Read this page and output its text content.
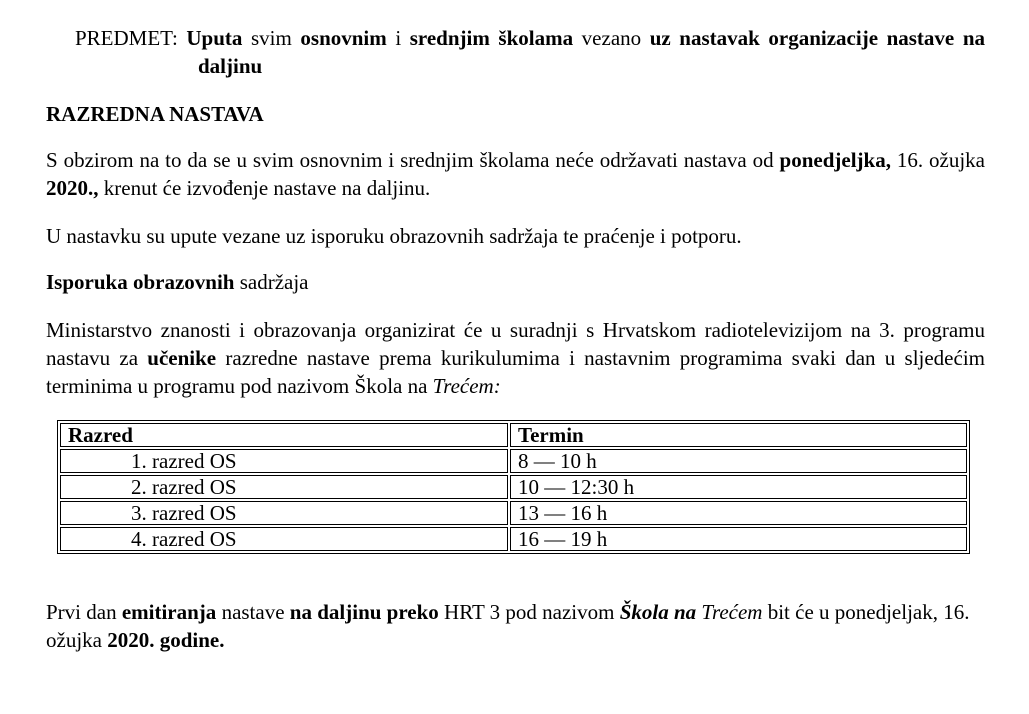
PREDMET: Uputa svim osnovnim i srednjim školama vezano uz nastavak organizacije nastave na daljinu

RAZREDNA NASTAVA

S obzirom na to da se u svim osnovnim i srednjim školama neće održavati nastava od ponedjeljka, 16. ožujka 2020., krenut će izvođenje nastave na daljinu.

U nastavku su upute vezane uz isporuku obrazovnih sadržaja te praćenje i potporu.

Isporuka obrazovnih sadržaja

Ministarstvo znanosti i obrazovanja organizirat će u suradnji s Hrvatskom radiotelevizijom na 3. programu nastavu za učenike razredne nastave prema kurikulumima i nastavnim programima svaki dan u sljedećim terminima u programu pod nazivom Škola na Trećem:

Razred	Termin
1. razred OS	8 — 10 h
2. razred OS	10 — 12:30 h
3. razred OS	13 — 16 h
4. razred OS	16 — 19 h

Prvi dan emitiranja nastave na daljinu preko HRT 3 pod nazivom Škola na Trećem bit će u ponedjeljak, 16. ožujka 2020. godine.
